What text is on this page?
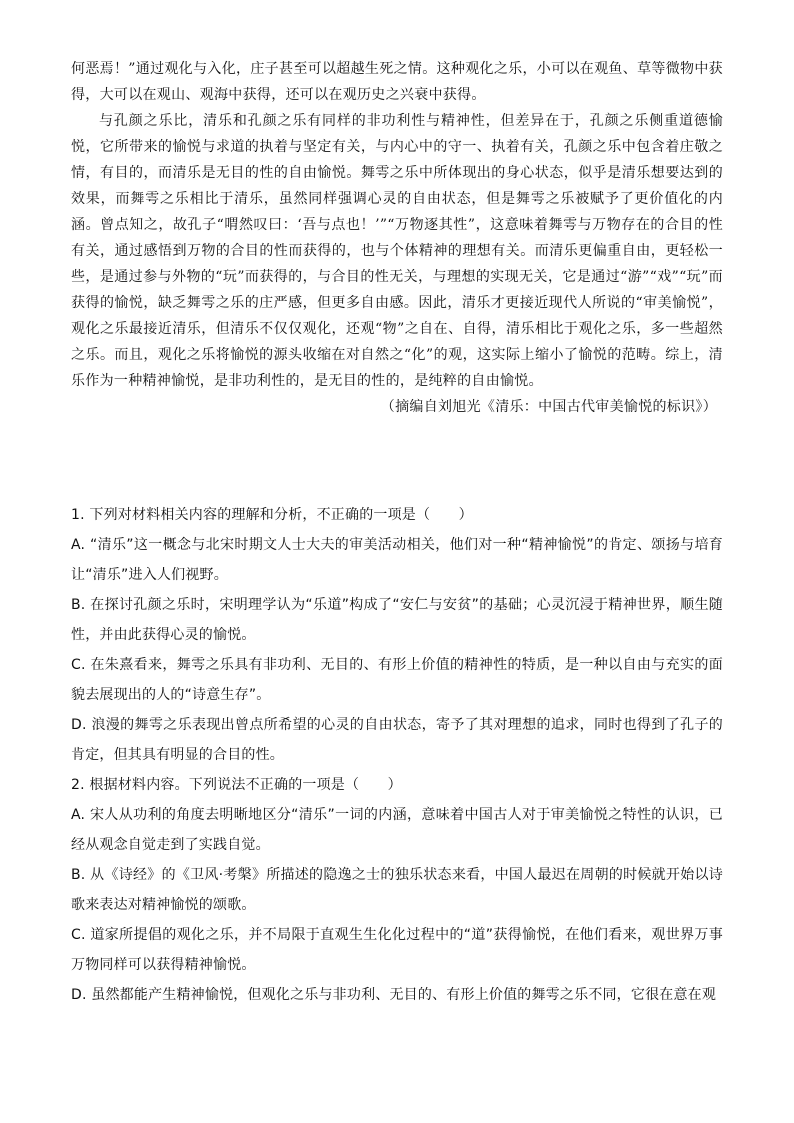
何恶焉！”通过观化与入化，庄子甚至可以超越生死之情。这种观化之乐，小可以在观鱼、草等微物中获得，大可以在观山、观海中获得，还可以在观历史之兴衰中获得。

与孔颜之乐比，清乐和孔颜之乐有同样的非功利性与精神性，但差异在于，孔颜之乐侧重道德愉悦，它所带来的愉悦与求道的执着与坚定有关，与内心中的守一、执着有关，孔颜之乐中包含着庄敬之情，有目的，而清乐是无目的性的自由愉悦。舞雩之乐中所体现出的身心状态，似乎是清乐想要达到的效果，而舞雩之乐相比于清乐，虽然同样强调心灵的自由状态，但是舞雩之乐被赋予了更价值化的内涵。曾点知之，故孔子“喟然叹曰：‘吾与点也！’”“万物逐其性”，这意味着舞雩与万物存在的合目的性有关，通过感悟到万物的合目的性而获得的，也与个体精神的理想有关。而清乐更偏重自由，更轻松一些，是通过参与外物的“玩”而获得的，与合目的性无关，与理想的实现无关，它是通过“游”“戏”“玩”而获得的愉悦，缺乏舞雩之乐的庄严感，但更多自由感。因此，清乐才更接近现代人所说的“审美愉悦”，观化之乐最接近清乐，但清乐不仅仅观化，还观“物”之自在、自得，清乐相比于观化之乐，多一些超然之乐。而且，观化之乐将愉悦的源头收缩在对自然之“化”的观，这实际上缩小了愉悦的范畴。综上，清乐作为一种精神愉悦，是非功利性的，是无目的性的，是纯粹的自由愉悦。

（摘编自刘旭光《清乐：中国古代审美愉悦的标识》）

1. 下列对材料相关内容的理解和分析，不正确的一项是（　　）

A. “清乐”这一概念与北宋时期文人士大夫的审美活动相关，他们对一种“精神愉悦”的肯定、颂扬与培育让“清乐”进入人们视野。

B. 在探讨孔颜之乐时，宋明理学认为“乐道”构成了“安仁与安贫”的基础；心灵沉浸于精神世界，顺生随性，并由此获得心灵的愉悦。

C. 在朱熹看来，舞雩之乐具有非功利、无目的、有形上价值的精神性的特质，是一种以自由与充实的面貌去展现出的人的“诗意生存”。

D. 浪漫的舞雩之乐表现出曾点所希望的心灵的自由状态，寄予了其对理想的追求，同时也得到了孔子的肯定，但其具有明显的合目的性。

2. 根据材料内容。下列说法不正确的一项是（　　）

A. 宋人从功利的角度去明晰地区分“清乐”一词的内涵，意味着中国古人对于审美愉悦之特性的认识，已经从观念自觉走到了实践自觉。

B. 从《诗经》的《卫风·考槃》所描述的隐逸之士的独乐状态来看，中国人最迟在周朝的时候就开始以诗歌来表达对精神愉悦的颂歌。

C. 道家所提倡的观化之乐，并不局限于直观生生化化过程中的“道”获得愉悦，在他们看来，观世界万事万物同样可以获得精神愉悦。

D. 虽然都能产生精神愉悦，但观化之乐与非功利、无目的、有形上价值的舞雩之乐不同，它很在意在观
